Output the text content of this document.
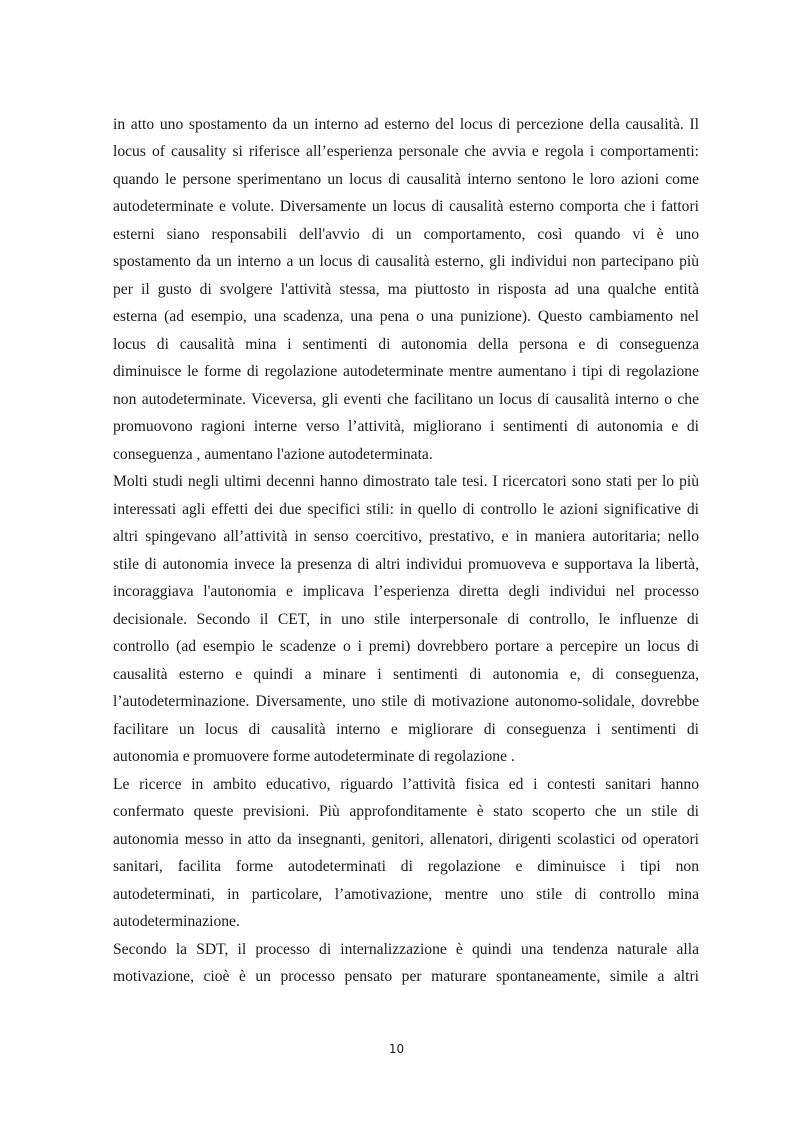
in atto uno spostamento da un interno ad esterno del locus di percezione della causalità. Il
locus of causality si riferisce all’esperienza personale che avvia e regola i comportamenti:
quando le persone sperimentano un locus di causalità interno sentono le loro azioni come
autodeterminate e volute. Diversamente un locus di causalità esterno comporta che i fattori
esterni siano responsabili dell'avvio di un comportamento, così quando vi è uno
spostamento da un interno a un locus di causalità esterno, gli individui non partecipano più
per il gusto di svolgere l'attività stessa, ma piuttosto in risposta ad una qualche entità
esterna (ad esempio, una scadenza, una pena o una punizione). Questo cambiamento nel
locus di causalità mina i sentimenti di autonomia della persona e di conseguenza
diminuisce le forme di regolazione autodeterminate mentre aumentano i tipi di regolazione
non autodeterminate. Viceversa, gli eventi che facilitano un locus di causalità interno o che
promuovono ragioni interne verso l’attività, migliorano i sentimenti di autonomia e di
conseguenza , aumentano l'azione autodeterminata.
Molti studi negli ultimi decenni hanno dimostrato tale tesi. I ricercatori sono stati per lo più
interessati agli effetti dei due specifici stili: in quello di controllo le azioni significative di
altri spingevano all’attività in senso coercitivo, prestativo, e in maniera autoritaria; nello
stile di autonomia invece la presenza di altri individui promuoveva e supportava la libertà,
incoraggiava l'autonomia e implicava l’esperienza diretta degli individui nel processo
decisionale. Secondo il CET, in uno stile interpersonale di controllo, le influenze di
controllo (ad esempio le scadenze o i premi) dovrebbero portare a percepire un locus di
causalità esterno e quindi a minare i sentimenti di autonomia e, di conseguenza,
l’autodeterminazione. Diversamente, uno stile di motivazione autonomo-solidale, dovrebbe
facilitare un locus di causalità interno e migliorare di conseguenza i sentimenti di
autonomia e promuovere forme autodeterminate di regolazione .
Le ricerce in ambito educativo, riguardo l’attività fisica ed i contesti sanitari hanno
confermato queste previsioni. Più approfonditamente è stato scoperto che un stile di
autonomia messo in atto da insegnanti, genitori, allenatori, dirigenti scolastici od operatori
sanitari, facilita forme autodeterminati di regolazione e diminuisce i tipi non
autodeterminati, in particolare, l’amotivazione, mentre uno stile di controllo mina
autodeterminazione.
Secondo la SDT, il processo di internalizzazione è quindi una tendenza naturale alla
motivazione, cioè è un processo pensato per maturare spontaneamente, simile a altri
10
